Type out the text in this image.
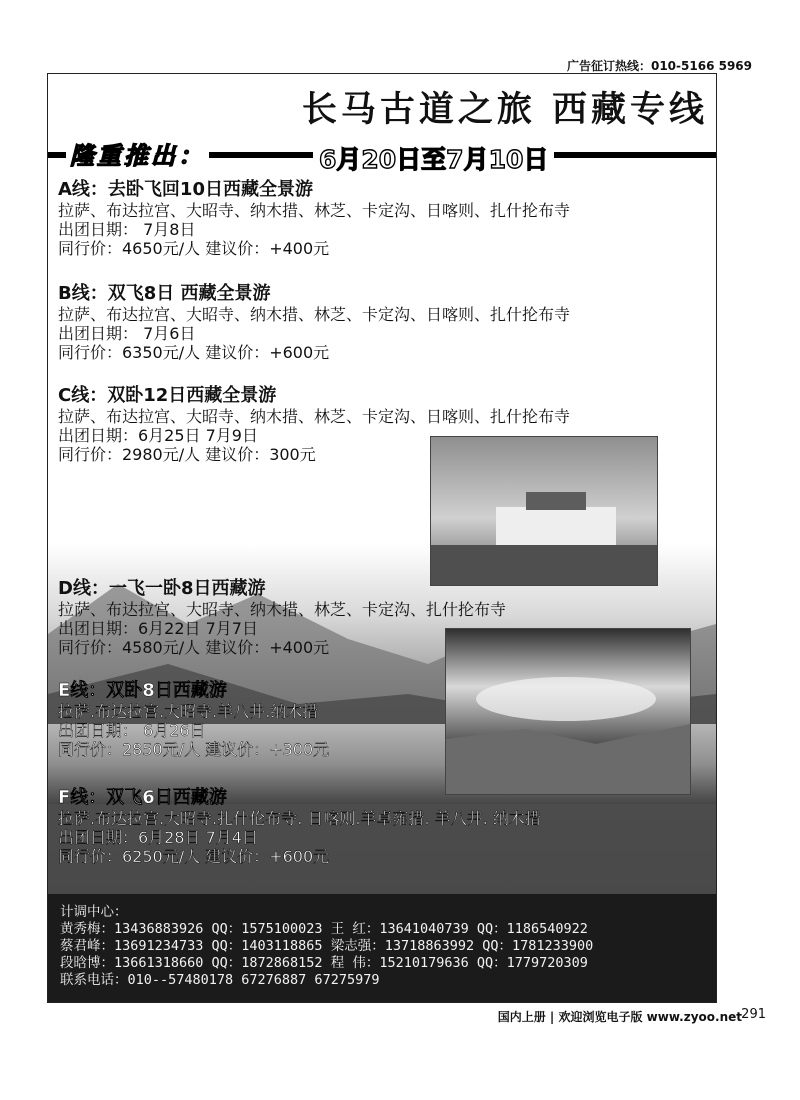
广告征订热线：010-5166 5969
长马古道之旅 西藏专线
隆重推出：	6月20日至7月10日
A线：去卧飞回10日西藏全景游
拉萨、布达拉宫、大昭寺、纳木措、林芝、卡定沟、日喀则、扎什抡布寺
出团日期： 7月8日
同行价：4650元/人 建议价：+400元
B线：双飞8日 西藏全景游
拉萨、布达拉宫、大昭寺、纳木措、林芝、卡定沟、日喀则、扎什抡布寺
出团日期： 7月6日
同行价：6350元/人 建议价：+600元
C线：双卧12日西藏全景游
拉萨、布达拉宫、大昭寺、纳木措、林芝、卡定沟、日喀则、扎什抡布寺
出团日期：6月25日 7月9日
同行价：2980元/人 建议价：300元
D线：一飞一卧8日西藏游
拉萨、布达拉宫、大昭寺、纳木措、林芝、卡定沟、扎什抡布寺
出团日期：6月22日 7月7日
同行价：4580元/人 建议价：+400元
E线：双卧8日西藏游
拉萨.布达拉宫.大昭寺.羊八井.纳木措
出团日期： 6月26日
同行价：2850元/人 建议价：+300元
F线：双飞6日西藏游
拉萨.布达拉宫.大昭寺.扎什伦布寺. 日喀则.羊卓雍措. 羊八井. 纳木措
出团日期：6月28日 7月4日
同行价：6250元/人 建议价：+600元
计调中心：
黄秀梅：13436883926 QQ：1575100023 王 红：13641040739 QQ：1186540922
蔡君峰：13691234733 QQ：1403118865 梁志强：13718863992 QQ：1781233900
段晗博：13661318660 QQ：1872868152 程 伟：15210179636 QQ：1779720309
联系电话：010--57480178 67276887 67275979
国内上册 | 欢迎浏览电子版 www.zyoo.net 291
